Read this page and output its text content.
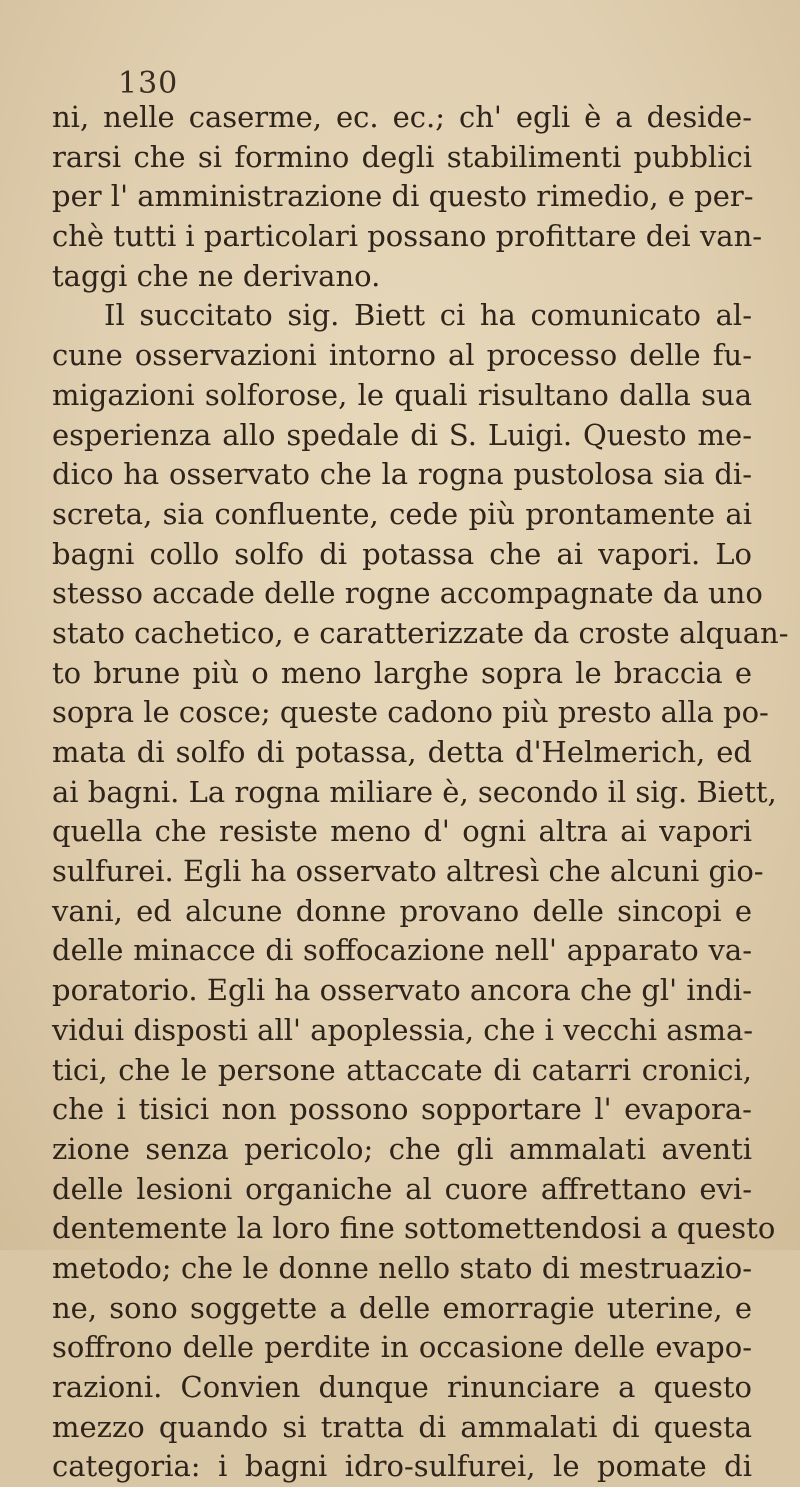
130
ni, nelle caserme, ec. ec.; ch' egli è a deside-
rarsi che si formino degli stabilimenti pubblici
per l' amministrazione di questo rimedio, e per-
chè tutti i particolari possano profittare dei van-
taggi che ne derivano.
Il succitato sig. Biett ci ha comunicato al-
cune osservazioni intorno al processo delle fu-
migazioni solforose, le quali risultano dalla sua
esperienza allo spedale di S. Luigi. Questo me-
dico ha osservato che la rogna pustolosa sia di-
screta, sia confluente, cede più prontamente ai
bagni collo solfo di potassa che ai vapori. Lo
stesso accade delle rogne accompagnate da uno
stato cachetico, e caratterizzate da croste alquan-
to brune più o meno larghe sopra le braccia e
sopra le cosce; queste cadono più presto alla po-
mata di solfo di potassa, detta d'Helmerich, ed
ai bagni. La rogna miliare è, secondo il sig. Biett,
quella che resiste meno d' ogni altra ai vapori
sulfurei. Egli ha osservato altresì che alcuni gio-
vani, ed alcune donne provano delle sincopi e
delle minacce di soffocazione nell' apparato va-
poratorio. Egli ha osservato ancora che gl' indi-
vidui disposti all' apoplessia, che i vecchi asma-
tici, che le persone attaccate di catarri cronici,
che i tisici non possono sopportare l' evapora-
zione senza pericolo; che gli ammalati aventi
delle lesioni organiche al cuore affrettano evi-
dentemente la loro fine sottomettendosi a questo
metodo; che le donne nello stato di mestruazio-
ne, sono soggette a delle emorragie uterine, e
soffrono delle perdite in occasione delle evapo-
razioni. Convien dunque rinunciare a questo
mezzo quando si tratta di ammalati di questa
categoria: i bagni idro-sulfurei, le pomate di
